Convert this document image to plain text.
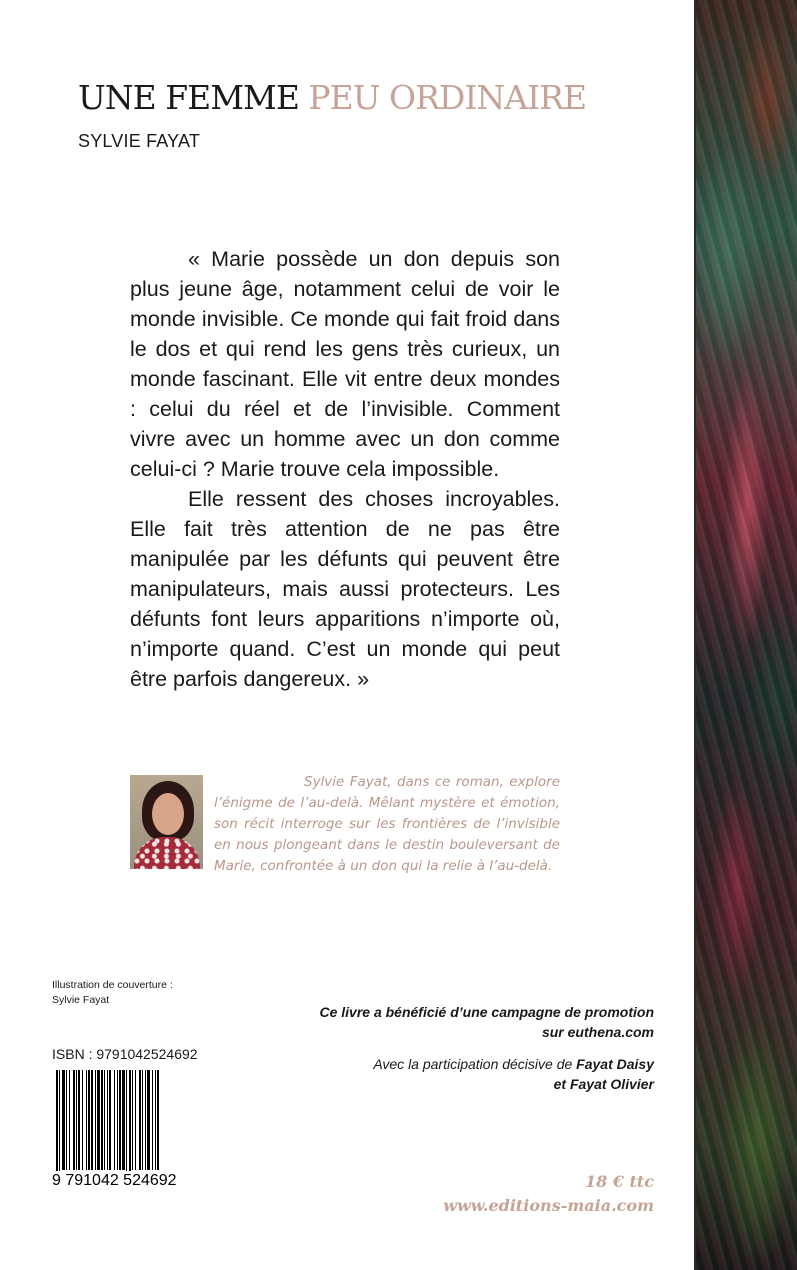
UNE FEMME PEU ORDINAIRE
SYLVIE FAYAT

« Marie possède un don depuis son plus jeune âge, notamment celui de voir le monde invisible. Ce monde qui fait froid dans le dos et qui rend les gens très curieux, un monde fascinant. Elle vit entre deux mondes : celui du réel et de l’invisible. Comment vivre avec un homme avec un don comme celui-ci ? Marie trouve cela impossible.

Elle ressent des choses incroyables. Elle fait très attention de ne pas être manipulée par les défunts qui peuvent être manipulateurs, mais aussi protecteurs. Les défunts font leurs apparitions n’importe où, n’importe quand. C’est un monde qui peut être parfois dangereux. »

Sylvie Fayat, dans ce roman, explore l’énigme de l’au-delà. Mêlant mystère et émotion, son récit interroge sur les frontières de l’invisible en nous plongeant dans le destin bouleversant de Marie, confrontée à un don qui la relie à l’au-delà.

Illustration de couverture :
Sylvie Fayat
Ce livre a bénéficié d’une campagne de promotion
sur euthena.com
Avec la participation décisive de Fayat Daisy
et Fayat Olivier
ISBN : 9791042524692
9 791042 524692	18 € ttc
www.editions-maia.com
